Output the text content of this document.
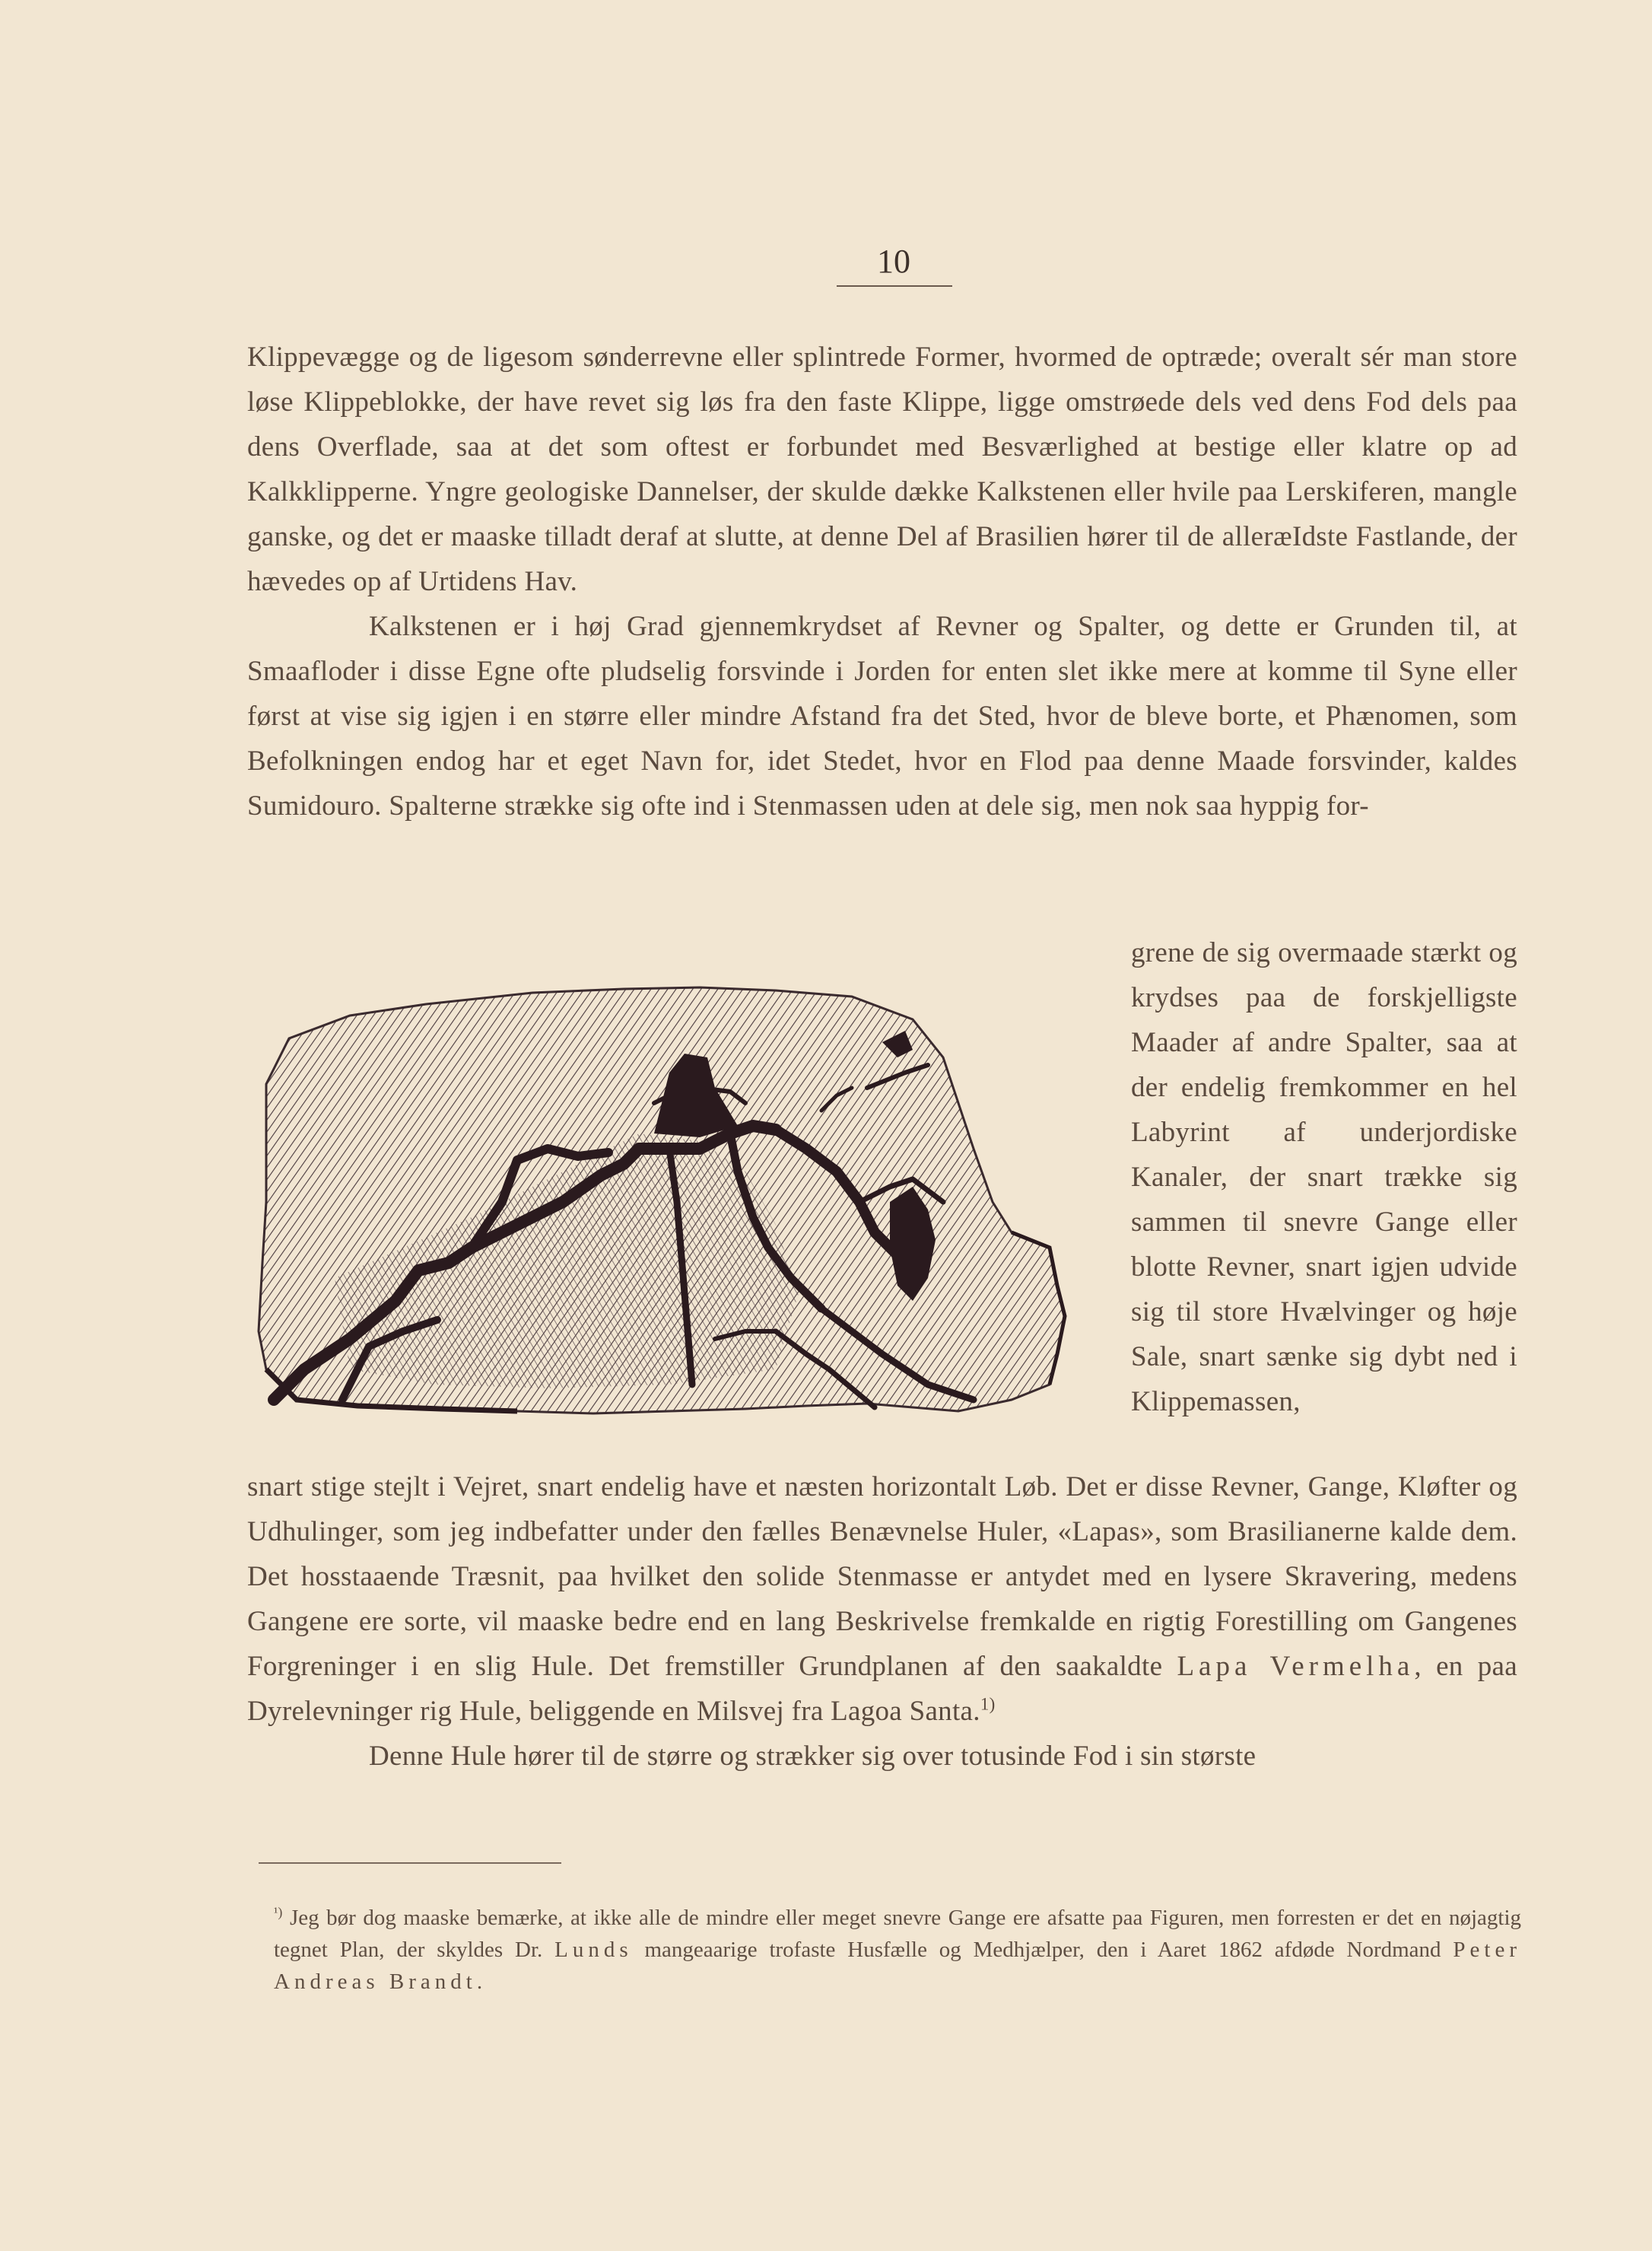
10

Klippevægge og de ligesom sønderrevne eller splintrede Former, hvormed de optræde; overalt sér man store løse Klippeblokke, der have revet sig løs fra den faste Klippe, ligge omstrøede dels ved dens Fod dels paa dens Overflade, saa at det som oftest er forbundet med Besværlighed at bestige eller klatre op ad Kalkklipperne. Yngre geologiske Dannelser, der skulde dække Kalkstenen eller hvile paa Lerskiferen, mangle ganske, og det er maaske tilladt deraf at slutte, at denne Del af Brasilien hører til de alleræIdste Fastlande, der hævedes op af Urtidens Hav.

Kalkstenen er i høj Grad gjennemkrydset af Revner og Spalter, og dette er Grunden til, at Smaafloder i disse Egne ofte pludselig forsvinde i Jorden for enten slet ikke mere at komme til Syne eller først at vise sig igjen i en større eller mindre Afstand fra det Sted, hvor de bleve borte, et Phænomen, som Befolkningen endog har et eget Navn for, idet Stedet, hvor en Flod paa denne Maade forsvinder, kaldes Sumidouro. Spalterne strække sig ofte ind i Stenmassen uden at dele sig, men nok saa hyppig for-

grene de sig overmaade stærkt og krydses paa de forskjelligste Maader af andre Spalter, saa at der endelig fremkommer en hel Labyrint af underjordiske Kanaler, der snart trække sig sammen til snevre Gange eller blotte Revner, snart igjen udvide sig til store Hvælvinger og høje Sale, snart sænke sig dybt ned i Klippemassen,

snart stige stejlt i Vejret, snart endelig have et næsten horizontalt Løb. Det er disse Revner, Gange, Kløfter og Udhulinger, som jeg indbefatter under den fælles Benævnelse Huler, «Lapas», som Brasilianerne kalde dem. Det hosstaaende Træsnit, paa hvilket den solide Stenmasse er antydet med en lysere Skravering, medens Gangene ere sorte, vil maaske bedre end en lang Beskrivelse fremkalde en rigtig Forestilling om Gangenes Forgreninger i en slig Hule. Det fremstiller Grundplanen af den saakaldte Lapa Vermelha, en paa Dyrelevninger rig Hule, beliggende en Milsvej fra Lagoa Santa.$^{1)}$

Denne Hule hører til de større og strækker sig over totusinde Fod i sin største

$^{^1)}$ Jeg bør dog maaske bemærke, at ikke alle de mindre eller meget snevre Gange ere afsatte paa Figuren, men forresten er det en nøjagtig tegnet Plan, der skyldes Dr. Lunds mangeaarige trofaste Husfælle og Medhjælper, den i Aaret 1862 afdøde Nordmand Peter Andreas Brandt.
